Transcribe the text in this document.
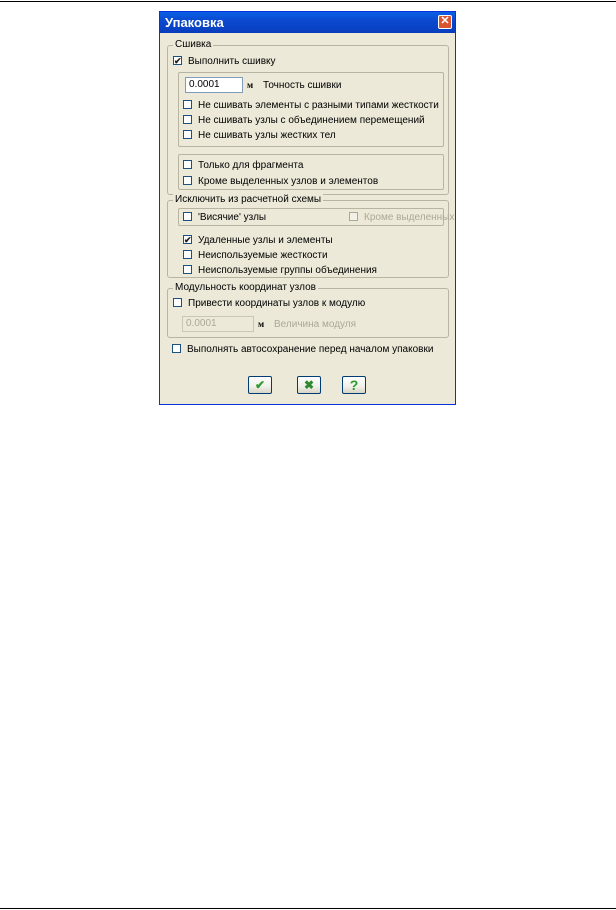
Упаковка	✕
Сшивка
✔Выполнить сшивку
0.0001	м Точность сшивки
Не сшивать элементы с разными типами жесткости
Не сшивать узлы с объединением перемещений
Не сшивать узлы жестких тел
Только для фрагмента
Кроме выделенных узлов и элементов
Исключить из расчетной схемы
'Висячие' узлы	Кроме выделенных
✔Удаленные узлы и элементы
Неиспользуемые жесткости
Неиспользуемые группы объединения
Модульность координат узлов
Привести координаты узлов к модулю
0.0001	м Величина модуля
Выполнять автосохранение перед началом упаковки
✔	✖	?
